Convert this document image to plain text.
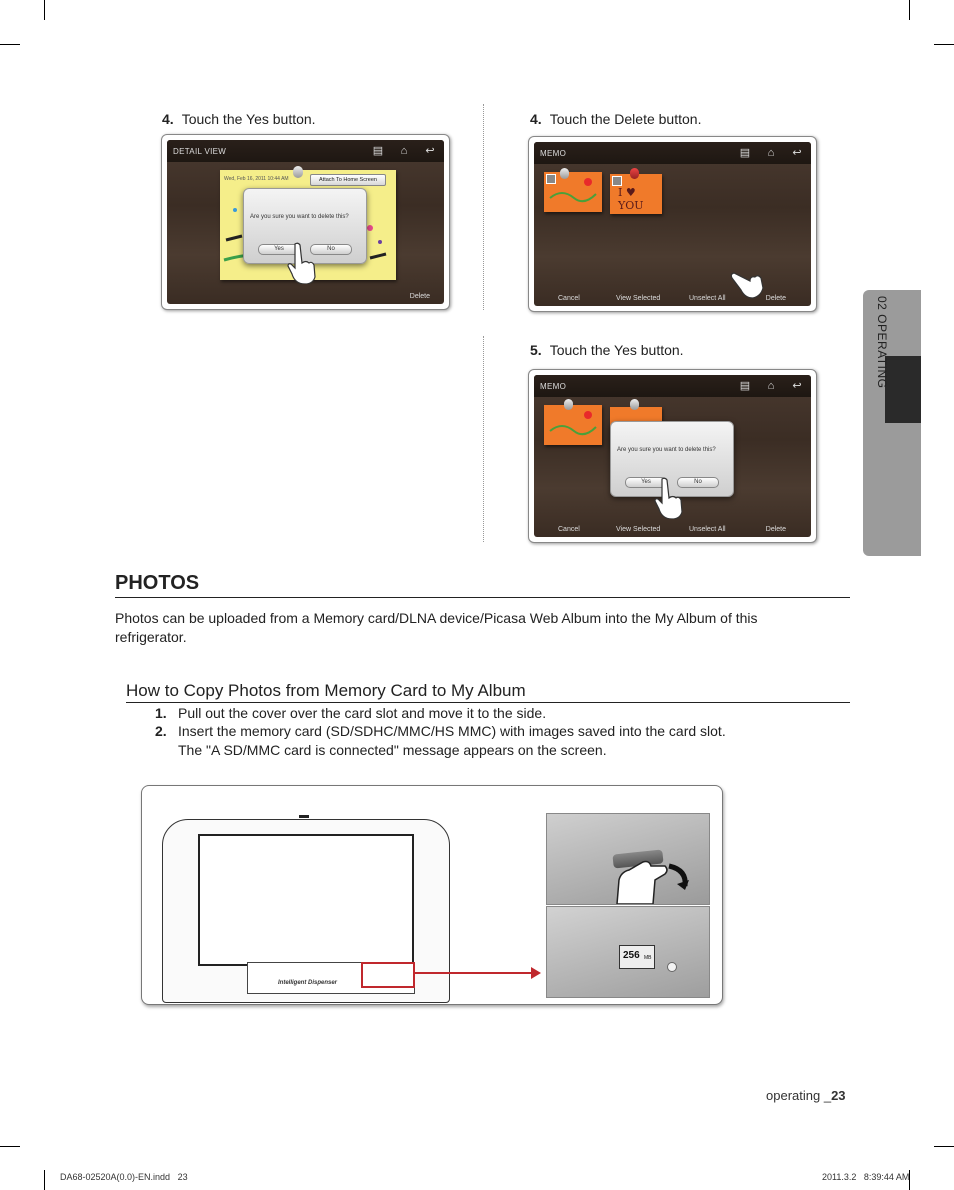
4. Touch the Yes button.
DETAIL VIEW	▤ ⌂ ↩
Wed, Feb 16, 2011 10:44 AM	Attach To Home Screen
Are you sure you want to delete this?
Yes	No
Delete
4. Touch the Delete button.
MEMO	▤ ⌂ ↩
I ♥ YOU
Cancel	View Selected	Unselect All	Delete
5. Touch the Yes button.
MEMO	▤ ⌂ ↩
Are you sure you want to delete this?
Yes	No
Cancel	View Selected	Unselect All	Delete
02 OPERATING
PHOTOS
Photos can be uploaded from a Memory card/DLNA device/Picasa Web Album into the My Album of this refrigerator.
How to Copy Photos from Memory Card to My Album
1. Pull out the cover over the card slot and move it to the side.
2. Insert the memory card (SD/SDHC/MMC/HS MMC) with images saved into the card slot.
The "A SD/MMC card is connected" message appears on the screen.
Intelligent Dispenser
256 MB
operating _23
DA68-02520A(0.0)-EN.indd   23	2011.3.2   8:39:44 AM
